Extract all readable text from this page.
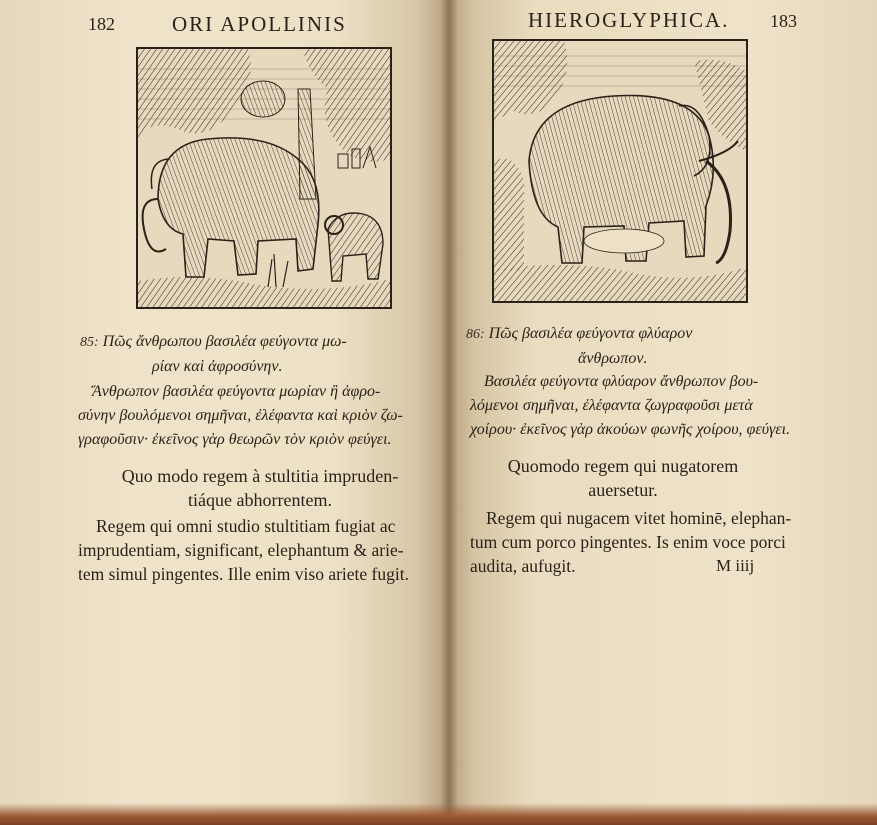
182	ORI APOLLINIS
85: Πῶς ἄνθρωπου βασιλέα φεύγοντα μω-
ρίαν καὶ ἀφροσύνην.
Ἄνθρωπον βασιλέα φεύγοντα μωρίαν ἢ ἀφρο-
σύνην βουλόμενοι σημῆναι, ἐλέφαντα καὶ κριὸν ζω-
γραφοῦσιν· ἐκεῖνος γὰρ θεωρῶν τὸν κριὸν φεύγει.
Quo modo regem à stultitia impruden-
tiáque abhorrentem.
Regem qui omni studio stultitiam fugiat ac
imprudentiam, significant, elephantum & arie-
tem simul pingentes. Ille enim viso ariete fugit.
HIEROGLYPHICA. 183
86: Πῶς βασιλέα φεύγοντα φλύαρον
ἄνθρωπον.
Βασιλέα φεύγοντα φλύαρον ἄνθρωπον βου-
λόμενοι σημῆναι, ἐλέφαντα ζωγραφοῦσι μετὰ
χοίρου· ἐκεῖνος γὰρ ἀκούων φωνῆς χοίρου, φεύγει.
Quomodo regem qui nugatorem
auersetur.
Regem qui nugacem vitet hominē, elephan-
tum cum porco pingentes. Is enim voce porci
audita, aufugit.	M iiij
